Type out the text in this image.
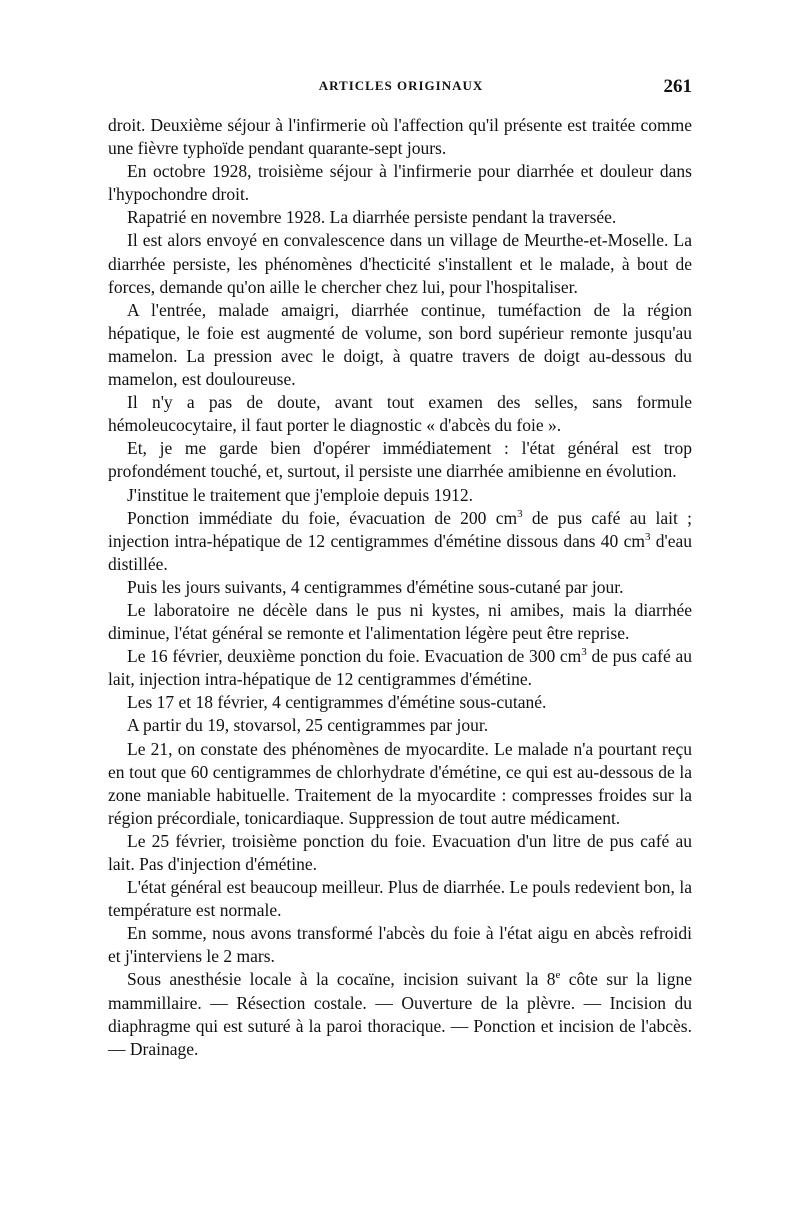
ARTICLES ORIGINAUX	261

droit. Deuxième séjour à l'infirmerie où l'affection qu'il présente est traitée comme une fièvre typhoïde pendant quarante-sept jours.

En octobre 1928, troisième séjour à l'infirmerie pour diarrhée et douleur dans l'hypochondre droit.

Rapatrié en novembre 1928. La diarrhée persiste pendant la traversée.

Il est alors envoyé en convalescence dans un village de Meurthe-et-Moselle. La diarrhée persiste, les phénomènes d'hecticité s'installent et le malade, à bout de forces, demande qu'on aille le chercher chez lui, pour l'hospitaliser.

A l'entrée, malade amaigri, diarrhée continue, tuméfaction de la région hépatique, le foie est augmenté de volume, son bord supérieur remonte jusqu'au mamelon. La pression avec le doigt, à quatre travers de doigt au-dessous du mamelon, est douloureuse.

Il n'y a pas de doute, avant tout examen des selles, sans formule hémoleucocytaire, il faut porter le diagnostic « d'abcès du foie ».

Et, je me garde bien d'opérer immédiatement : l'état général est trop profondément touché, et, surtout, il persiste une diarrhée amibienne en évolution.

J'institue le traitement que j'emploie depuis 1912.

Ponction immédiate du foie, évacuation de 200 $cm^3$ de pus café au lait ; injection intra-hépatique de 12 centigrammes d'émétine dissous dans 40 $cm^3$ d'eau distillée.

Puis les jours suivants, 4 centigrammes d'émétine sous-cutané par jour.

Le laboratoire ne décèle dans le pus ni kystes, ni amibes, mais la diarrhée diminue, l'état général se remonte et l'alimentation légère peut être reprise.

Le 16 février, deuxième ponction du foie. Evacuation de 300 $cm^3$ de pus café au lait, injection intra-hépatique de 12 centigrammes d'émétine.

Les 17 et 18 février, 4 centigrammes d'émétine sous-cutané.

A partir du 19, stovarsol, 25 centigrammes par jour.

Le 21, on constate des phénomènes de myocardite. Le malade n'a pourtant reçu en tout que 60 centigrammes de chlorhydrate d'émétine, ce qui est au-dessous de la zone maniable habituelle. Traitement de la myocardite : compresses froides sur la région précordiale, tonicardiaque. Suppression de tout autre médicament.

Le 25 février, troisième ponction du foie. Evacuation d'un litre de pus café au lait. Pas d'injection d'émétine.

L'état général est beaucoup meilleur. Plus de diarrhée. Le pouls redevient bon, la température est normale.

En somme, nous avons transformé l'abcès du foie à l'état aigu en abcès refroidi et j'interviens le 2 mars.

Sous anesthésie locale à la cocaïne, incision suivant la 8e côte sur la ligne mammillaire. — Résection costale. — Ouverture de la plèvre. — Incision du diaphragme qui est suturé à la paroi thoracique. — Ponction et incision de l'abcès. — Drainage.
